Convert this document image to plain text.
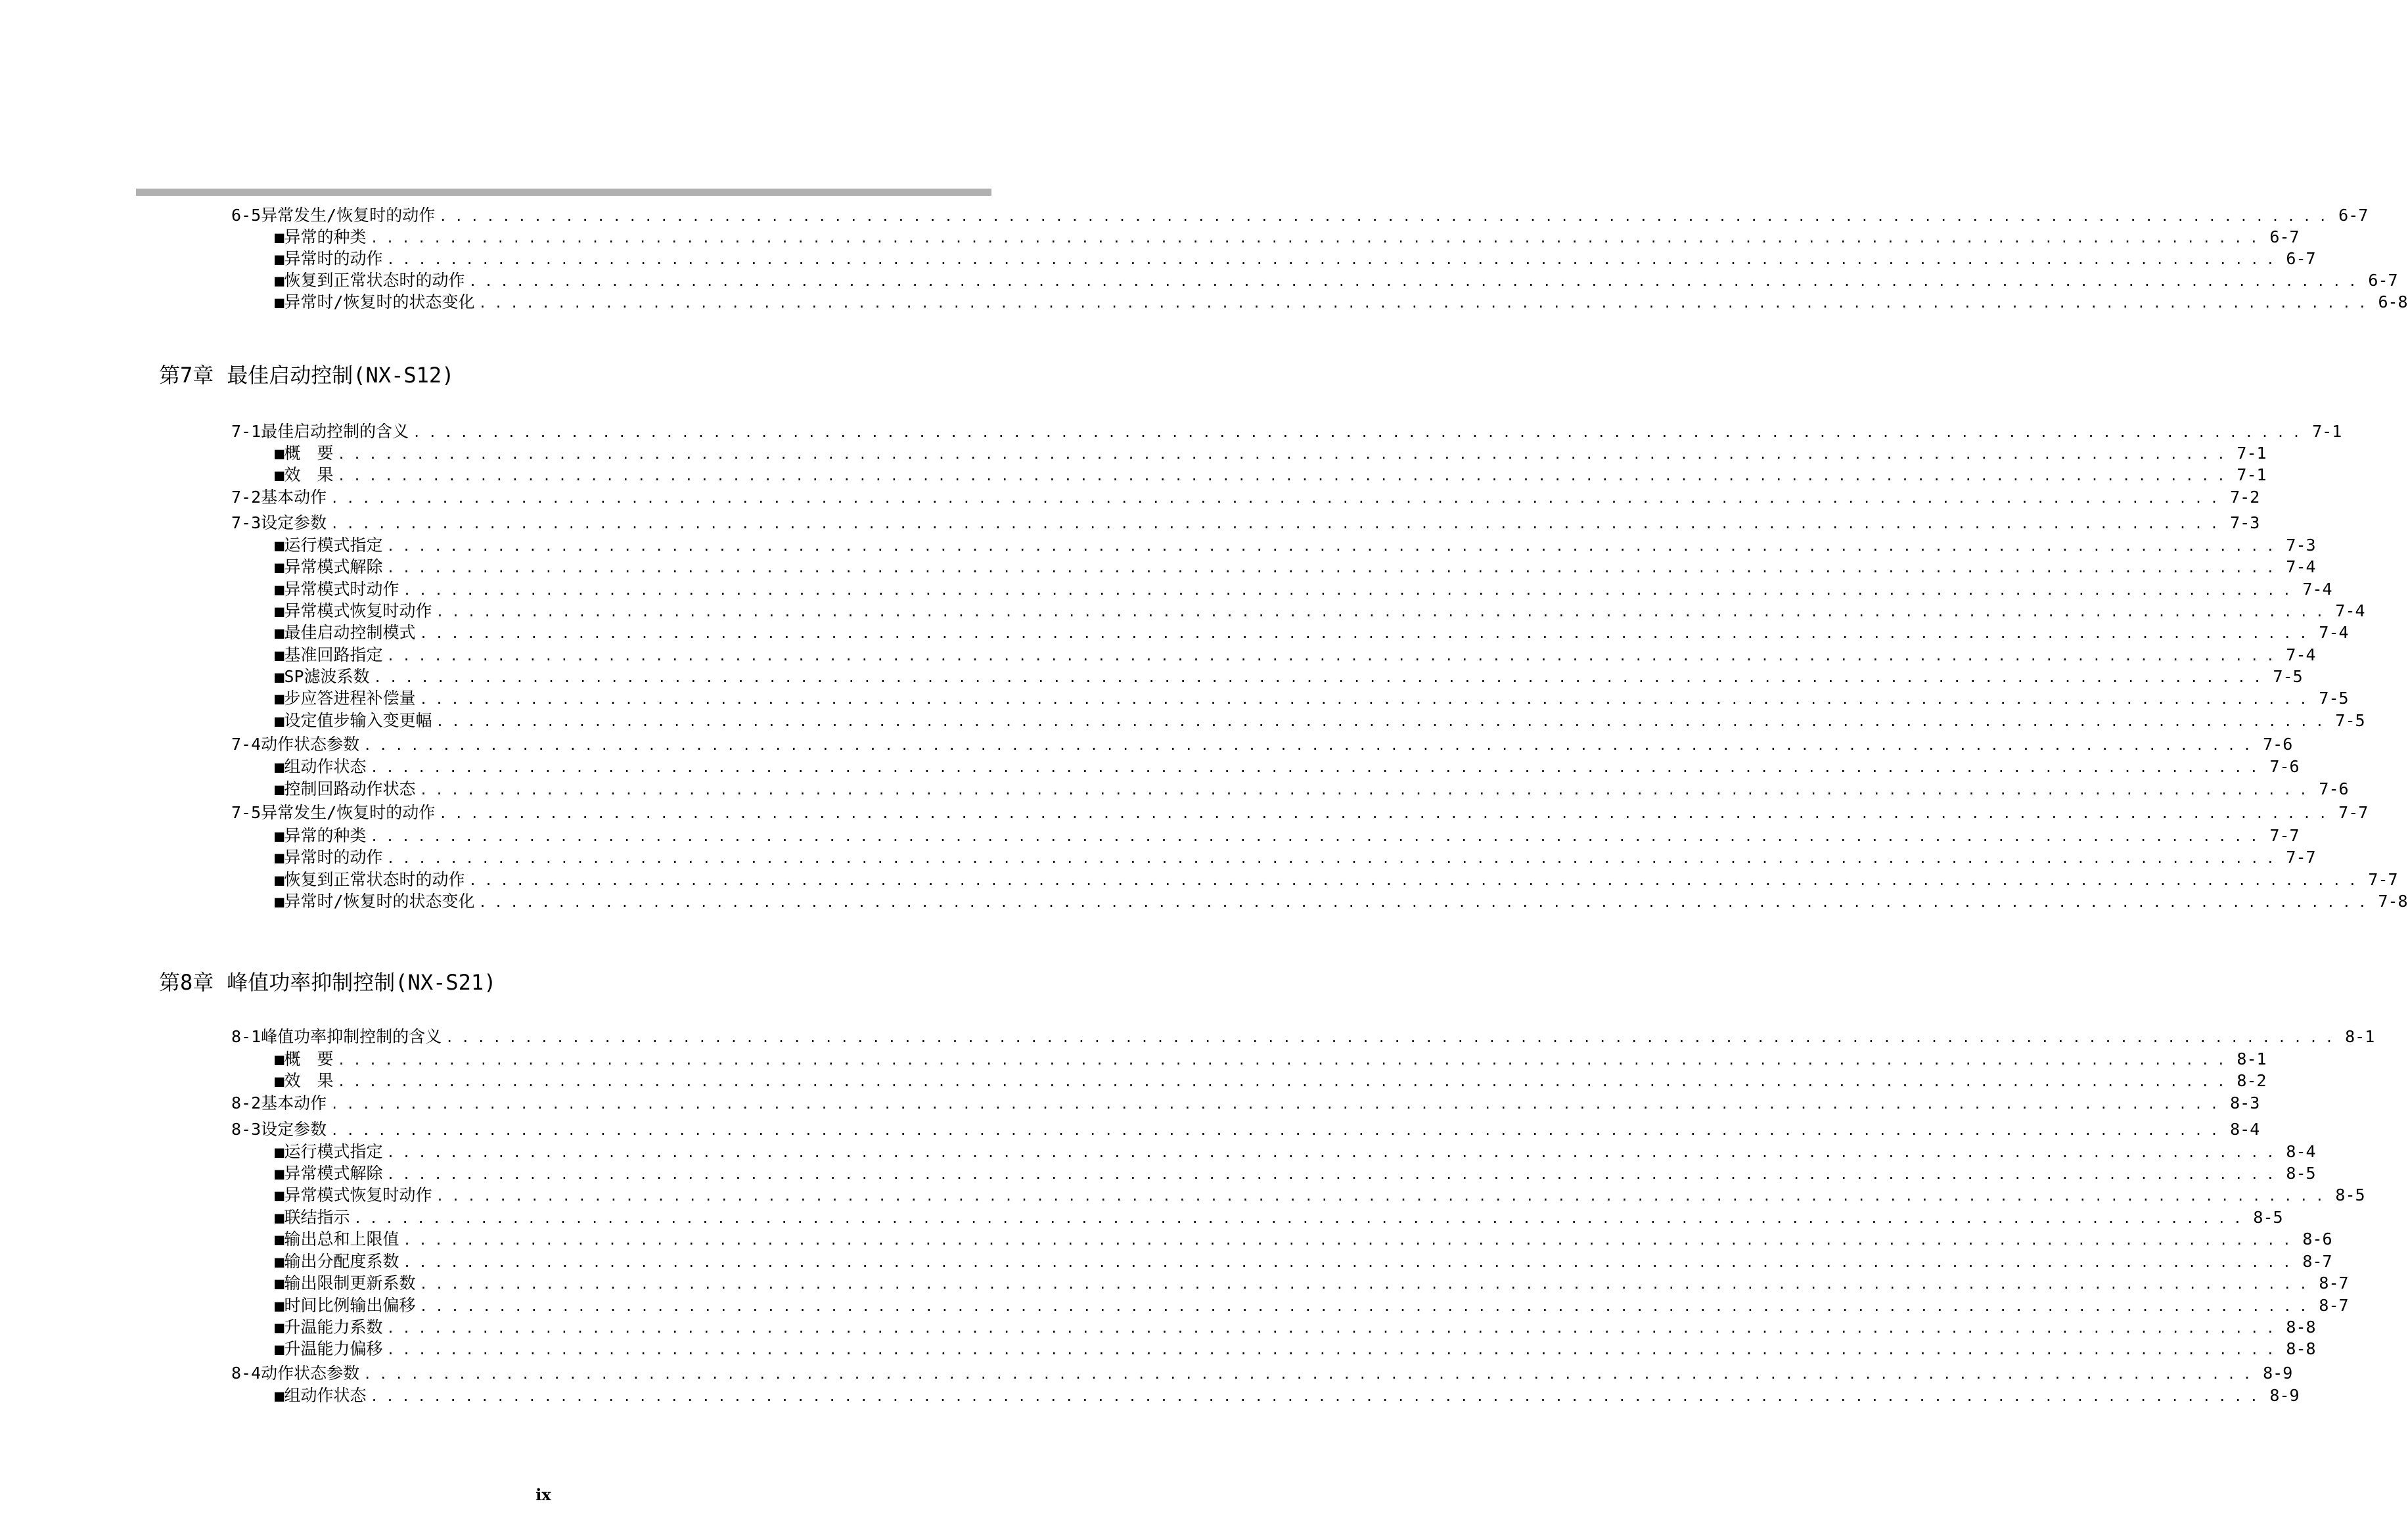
6-5 异常发生/恢复时的动作 ........................................................................................................................ 6-7
■ 异常的种类 ........................................................................................................................ 6-7
■ 异常时的动作 ........................................................................................................................ 6-7
■ 恢复到正常状态时的动作 ........................................................................................................................ 6-7
■ 异常时/恢复时的状态变化 ........................................................................................................................ 6-8
第7章 最佳启动控制(NX-S12)
7-1 最佳启动控制的含义 ........................................................................................................................ 7-1
■ 概　要 ........................................................................................................................ 7-1
■ 效　果 ........................................................................................................................ 7-1
7-2 基本动作 ........................................................................................................................ 7-2
7-3 设定参数 ........................................................................................................................ 7-3
■ 运行模式指定 ........................................................................................................................ 7-3
■ 异常模式解除 ........................................................................................................................ 7-4
■ 异常模式时动作 ........................................................................................................................ 7-4
■ 异常模式恢复时动作 ........................................................................................................................ 7-4
■ 最佳启动控制模式 ........................................................................................................................ 7-4
■ 基准回路指定 ........................................................................................................................ 7-4
■ SP滤波系数 ........................................................................................................................ 7-5
■ 步应答进程补偿量 ........................................................................................................................ 7-5
■ 设定值步输入变更幅 ........................................................................................................................ 7-5
7-4 动作状态参数 ........................................................................................................................ 7-6
■ 组动作状态 ........................................................................................................................ 7-6
■ 控制回路动作状态 ........................................................................................................................ 7-6
7-5 异常发生/恢复时的动作 ........................................................................................................................ 7-7
■ 异常的种类 ........................................................................................................................ 7-7
■ 异常时的动作 ........................................................................................................................ 7-7
■ 恢复到正常状态时的动作 ........................................................................................................................ 7-7
■ 异常时/恢复时的状态变化 ........................................................................................................................ 7-8
第8章 峰值功率抑制控制(NX-S21)
8-1 峰值功率抑制控制的含义 ........................................................................................................................ 8-1
■ 概　要 ........................................................................................................................ 8-1
■ 效　果 ........................................................................................................................ 8-2
8-2 基本动作 ........................................................................................................................ 8-3
8-3 设定参数 ........................................................................................................................ 8-4
■ 运行模式指定 ........................................................................................................................ 8-4
■ 异常模式解除 ........................................................................................................................ 8-5
■ 异常模式恢复时动作 ........................................................................................................................ 8-5
■ 联结指示 ........................................................................................................................ 8-5
■ 输出总和上限值 ........................................................................................................................ 8-6
■ 输出分配度系数 ........................................................................................................................ 8-7
■ 输出限制更新系数 ........................................................................................................................ 8-7
■ 时间比例输出偏移 ........................................................................................................................ 8-7
■ 升温能力系数 ........................................................................................................................ 8-8
■ 升温能力偏移 ........................................................................................................................ 8-8
8-4 动作状态参数 ........................................................................................................................ 8-9
■ 组动作状态 ........................................................................................................................ 8-9
ix
